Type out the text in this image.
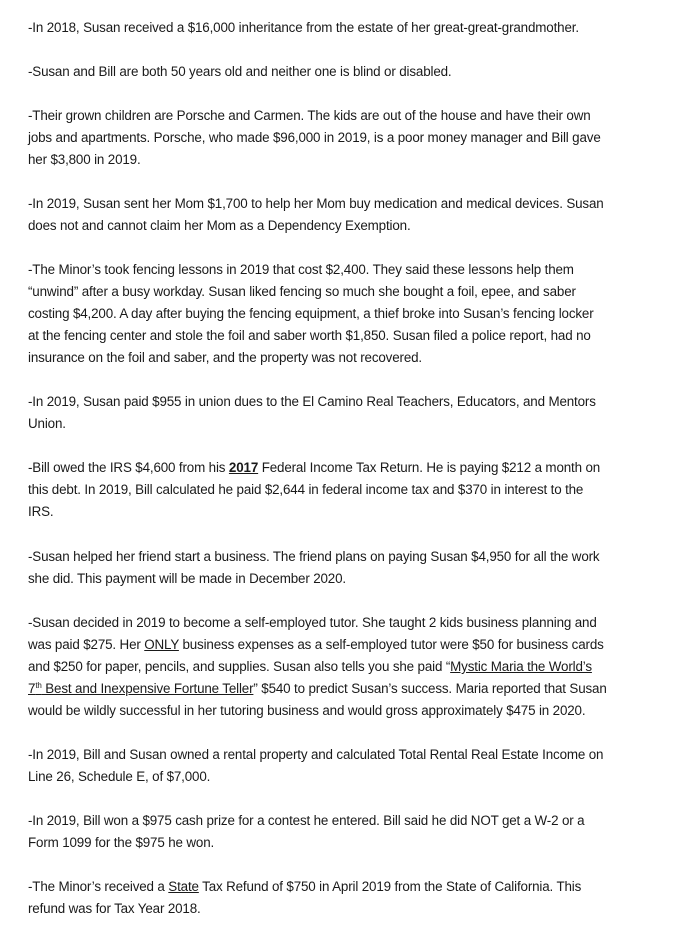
-In 2018, Susan received a $16,000 inheritance from the estate of her great-great-grandmother.

-Susan and Bill are both 50 years old and neither one is blind or disabled.

-Their grown children are Porsche and Carmen. The kids are out of the house and have their own
jobs and apartments. Porsche, who made $96,000 in 2019, is a poor money manager and Bill gave
her $3,800 in 2019.

-In 2019, Susan sent her Mom $1,700 to help her Mom buy medication and medical devices. Susan
does not and cannot claim her Mom as a Dependency Exemption.

-The Minor’s took fencing lessons in 2019 that cost $2,400. They said these lessons help them
“unwind” after a busy workday. Susan liked fencing so much she bought a foil, epee, and saber
costing $4,200. A day after buying the fencing equipment, a thief broke into Susan’s fencing locker
at the fencing center and stole the foil and saber worth $1,850. Susan filed a police report, had no
insurance on the foil and saber, and the property was not recovered.

-In 2019, Susan paid $955 in union dues to the El Camino Real Teachers, Educators, and Mentors
Union.

-Bill owed the IRS $4,600 from his 2017 Federal Income Tax Return. He is paying $212 a month on
this debt. In 2019, Bill calculated he paid $2,644 in federal income tax and $370 in interest to the
IRS.

-Susan helped her friend start a business. The friend plans on paying Susan $4,950 for all the work
she did. This payment will be made in December 2020.

-Susan decided in 2019 to become a self-employed tutor. She taught 2 kids business planning and
was paid $275. Her ONLY business expenses as a self-employed tutor were $50 for business cards
and $250 for paper, pencils, and supplies. Susan also tells you she paid “Mystic Maria the World’s
7th Best and Inexpensive Fortune Teller” $540 to predict Susan’s success. Maria reported that Susan
would be wildly successful in her tutoring business and would gross approximately $475 in 2020.

-In 2019, Bill and Susan owned a rental property and calculated Total Rental Real Estate Income on
Line 26, Schedule E, of $7,000.

-In 2019, Bill won a $975 cash prize for a contest he entered. Bill said he did NOT get a W-2 or a
Form 1099 for the $975 he won.

-The Minor’s received a State Tax Refund of $750 in April 2019 from the State of California. This
refund was for Tax Year 2018.
